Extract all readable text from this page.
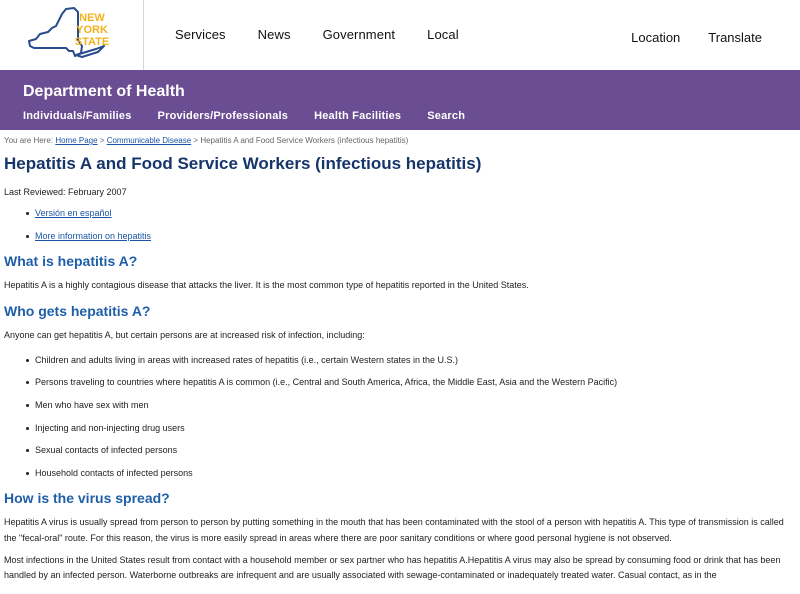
NEW
YORK
STATE	Services News Government Local	Location Translate
Department of Health
Individuals/Families Providers/Professionals Health Facilities Search
You are Here: Home Page > Communicable Disease > Hepatitis A and Food Service Workers (infectious hepatitis)
Hepatitis A and Food Service Workers (infectious hepatitis)
Last Reviewed: February 2007
Versión en español
More information on hepatitis
What is hepatitis A?

Hepatitis A is a highly contagious disease that attacks the liver. It is the most common type of hepatitis reported in the United States.

Who gets hepatitis A?

Anyone can get hepatitis A, but certain persons are at increased risk of infection, including:

Children and adults living in areas with increased rates of hepatitis (i.e., certain Western states in the U.S.)
Persons traveling to countries where hepatitis A is common (i.e., Central and South America, Africa, the Middle East, Asia and the Western Pacific)
Men who have sex with men
Injecting and non-injecting drug users
Sexual contacts of infected persons
Household contacts of infected persons
How is the virus spread?

Hepatitis A virus is usually spread from person to person by putting something in the mouth that has been contaminated with the stool of a person with hepatitis A. This type of transmission is called the "fecal-oral" route. For this reason, the virus is more easily spread in areas where there are poor sanitary conditions or where good personal hygiene is not observed.

Most infections in the United States result from contact with a household member or sex partner who has hepatitis A.Hepatitis A virus may also be spread by consuming food or drink that has been handled by an infected person. Waterborne outbreaks are infrequent and are usually associated with sewage-contaminated or inadequately treated water. Casual contact, as in the
